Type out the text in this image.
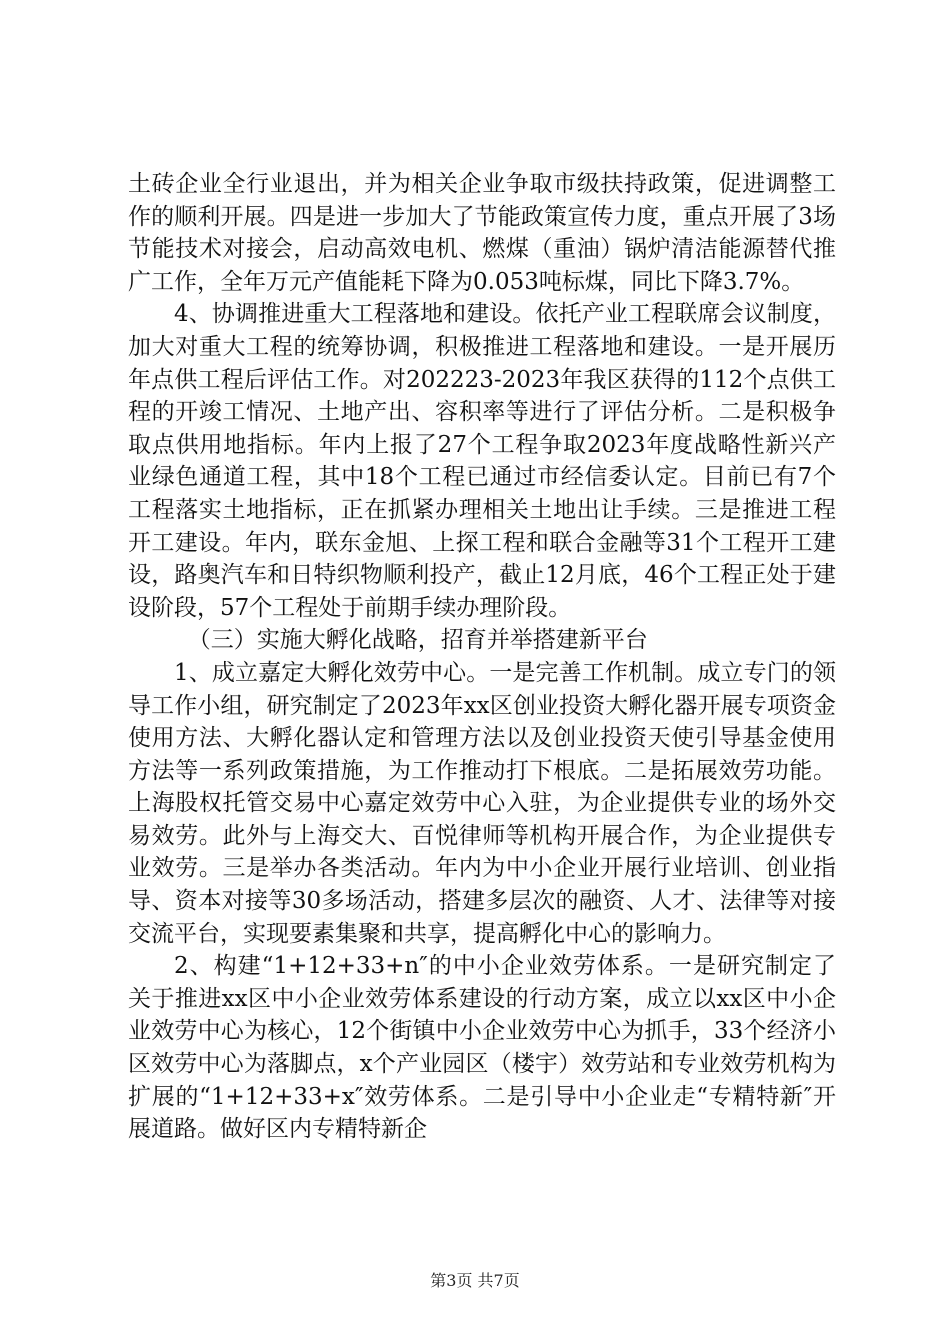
土砖企业全行业退出，并为相关企业争取市级扶持政策，促进调整工作的顺利开展。四是进一步加大了节能政策宣传力度，重点开展了3场节能技术对接会，启动高效电机、燃煤（重油）锅炉清洁能源替代推广工作，全年万元产值能耗下降为0.053吨标煤，同比下降3.7%。

4、协调推进重大工程落地和建设。依托产业工程联席会议制度，加大对重大工程的统筹协调，积极推进工程落地和建设。一是开展历年点供工程后评估工作。对202223-2023年我区获得的112个点供工程的开竣工情况、土地产出、容积率等进行了评估分析。二是积极争取点供用地指标。年内上报了27个工程争取2023年度战略性新兴产业绿色通道工程，其中18个工程已通过市经信委认定。目前已有7个工程落实土地指标，正在抓紧办理相关土地出让手续。三是推进工程开工建设。年内，联东金旭、上探工程和联合金融等31个工程开工建设，路奥汽车和日特织物顺利投产，截止12月底，46个工程正处于建设阶段，57个工程处于前期手续办理阶段。

（三）实施大孵化战略，招育并举搭建新平台

1、成立嘉定大孵化效劳中心。一是完善工作机制。成立专门的领导工作小组，研究制定了2023年xx区创业投资大孵化器开展专项资金使用方法、大孵化器认定和管理方法以及创业投资天使引导基金使用方法等一系列政策措施，为工作推动打下根底。二是拓展效劳功能。上海股权托管交易中心嘉定效劳中心入驻，为企业提供专业的场外交易效劳。此外与上海交大、百悦律师等机构开展合作，为企业提供专业效劳。三是举办各类活动。年内为中小企业开展行业培训、创业指导、资本对接等30多场活动，搭建多层次的融资、人才、法律等对接交流平台，实现要素集聚和共享，提高孵化中心的影响力。

2、构建“1+12+33+n″的中小企业效劳体系。一是研究制定了关于推进xx区中小企业效劳体系建设的行动方案，成立以xx区中小企业效劳中心为核心，12个街镇中小企业效劳中心为抓手，33个经济小区效劳中心为落脚点，x个产业园区（楼宇）效劳站和专业效劳机构为扩展的“1+12+33+x″效劳体系。二是引导中小企业走“专精特新″开展道路。做好区内专精特新企

第3页 共7页
